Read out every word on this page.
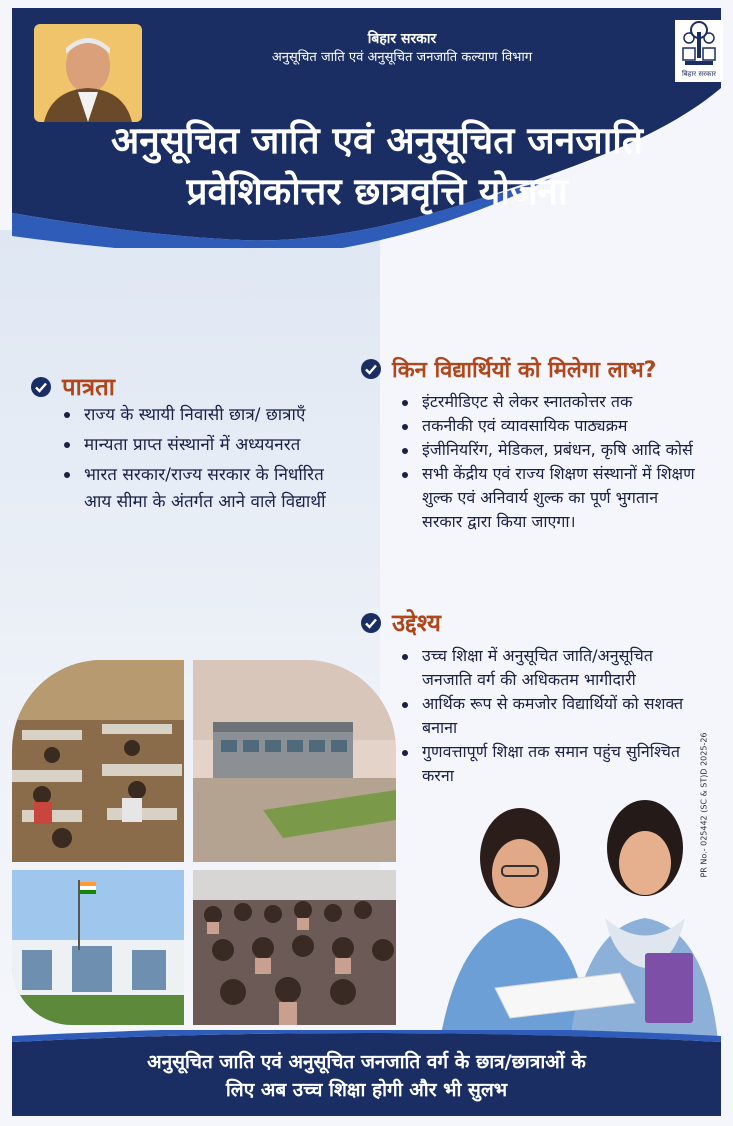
बिहार सरकार
अनुसूचित जाति एवं अनुसूचित जनजाति कल्याण विभाग
बिहार सरकार
अनुसूचित जाति एवं अनुसूचित जनजाति
प्रवेशिकोत्तर छात्रवृत्ति योजना
पात्रता
राज्य के स्थायी निवासी छात्र/ छात्राएँ
मान्यता प्राप्त संस्थानों में अध्ययनरत
भारत सरकार/राज्य सरकार के निर्धारित आय सीमा के अंतर्गत आने वाले विद्यार्थी
किन विद्यार्थियों को मिलेगा लाभ?
इंटरमीडिएट से लेकर स्नातकोत्तर तक
तकनीकी एवं व्यावसायिक पाठ्यक्रम
इंजीनियरिंग, मेडिकल, प्रबंधन, कृषि आदि कोर्स
सभी केंद्रीय एवं राज्य शिक्षण संस्थानों में शिक्षण शुल्क एवं अनिवार्य शुल्क का पूर्ण भुगतान सरकार द्वारा किया जाएगा।
उद्देश्य
उच्च शिक्षा में अनुसूचित जाति/अनुसूचित जनजाति वर्ग की अधिकतम भागीदारी
आर्थिक रूप से कमजोर विद्यार्थियों को सशक्त बनाना
गुणवत्तापूर्ण शिक्षा तक समान पहुंच सुनिश्चित करना	PR No.- 025442 (SC & ST)D 2025-26
अनुसूचित जाति एवं अनुसूचित जनजाति वर्ग के छात्र/छात्राओं के
लिए अब उच्च शिक्षा होगी और भी सुलभ
